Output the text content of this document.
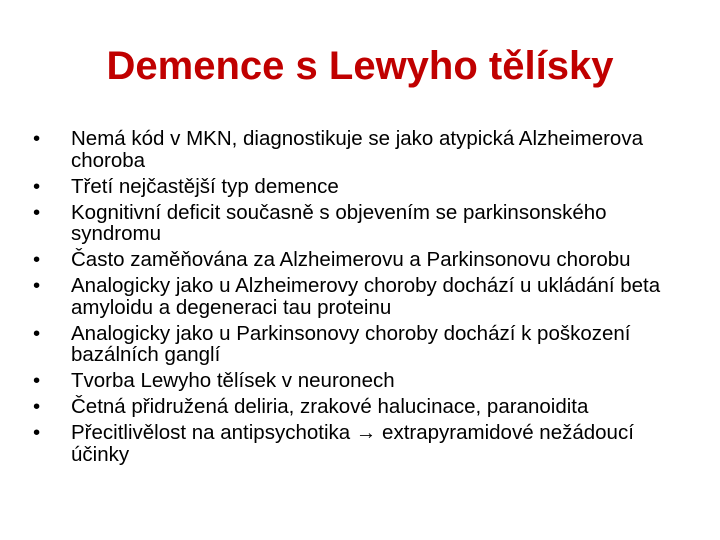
Demence s Lewyho tělísky
•	Nemá kód v MKN, diagnostikuje se jako atypická Alzheimerova choroba
•	Třetí nejčastější typ demence
•	Kognitivní deficit současně s objevením se parkinsonského syndromu
•	Často zaměňována za Alzheimerovu a Parkinsonovu chorobu
•	Analogicky jako u Alzheimerovy choroby dochází u ukládání beta amyloidu a degeneraci tau proteinu
•	Analogicky jako u Parkinsonovy choroby dochází k poškození bazálních ganglí
•	Tvorba Lewyho tělísek v neuronech
•	Četná přidružená deliria, zrakové halucinace, paranoidita
•	Přecitlivělost na antipsychotika → extrapyramidové nežádoucí účinky
